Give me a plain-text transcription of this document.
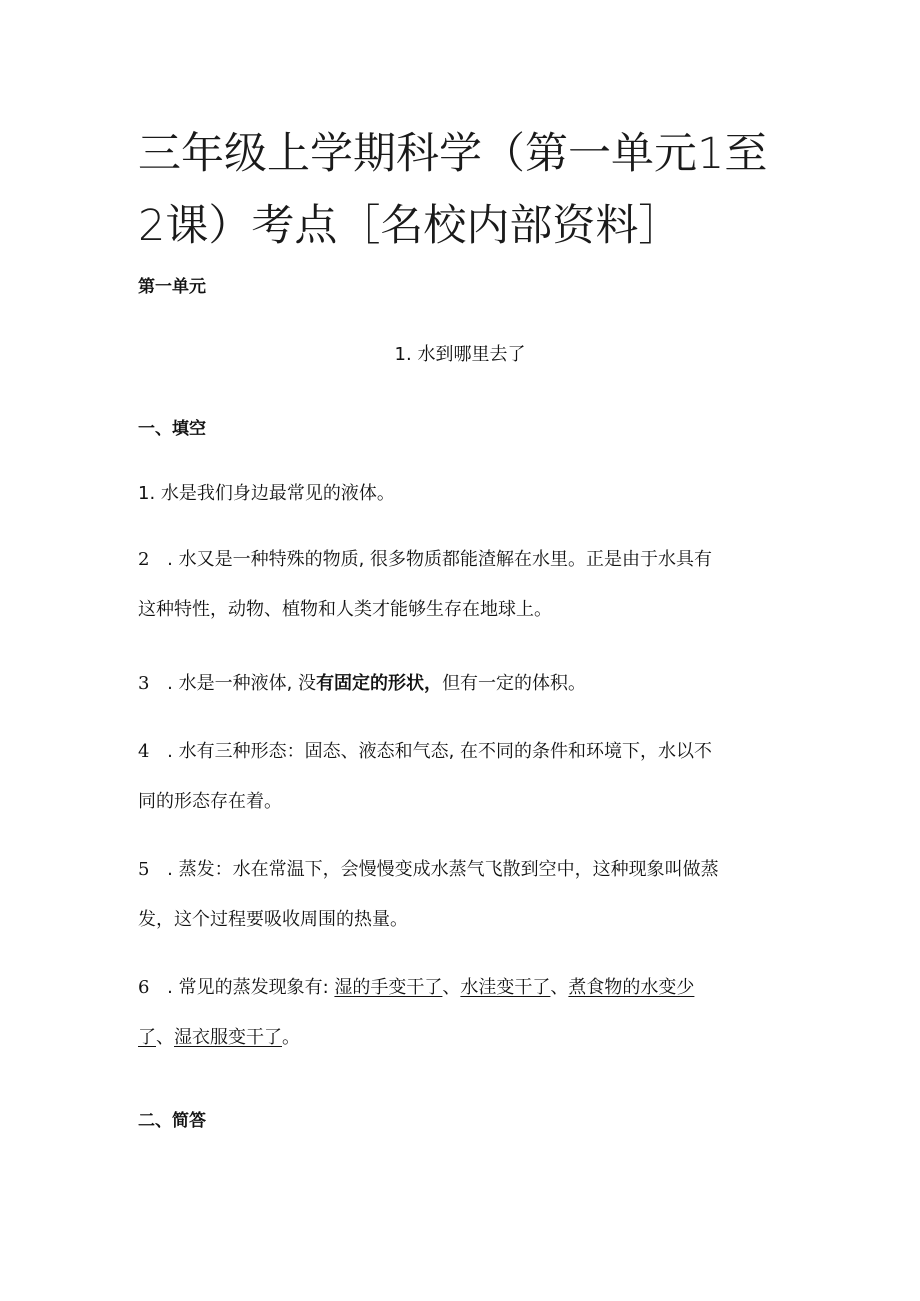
三年级上学期科学（第一单元1至
2课）考点［名校内部资料］
第一单元
1. 水到哪里去了
一、填空
1. 水是我们身边最常见的液体。
2 . 水又是一种特殊的物质, 很多物质都能渣解在水里。正是由于水具有
这种特性，动物、植物和人类才能够生存在地球上。
3 . 水是一种液体, 没有固定的形状，但有一定的体积。
4 . 水有三种形态：固态、液态和气态, 在不同的条件和环境下，水以不
同的形态存在着。
5 . 蒸发：水在常温下，会慢慢变成水蒸气飞散到空中，这种现象叫做蒸
发，这个过程要吸收周围的热量。
6 . 常见的蒸发现象有: 湿的手变干了、水洼变干了、煮食物的水变少
了、湿衣服变干了。
二、简答
